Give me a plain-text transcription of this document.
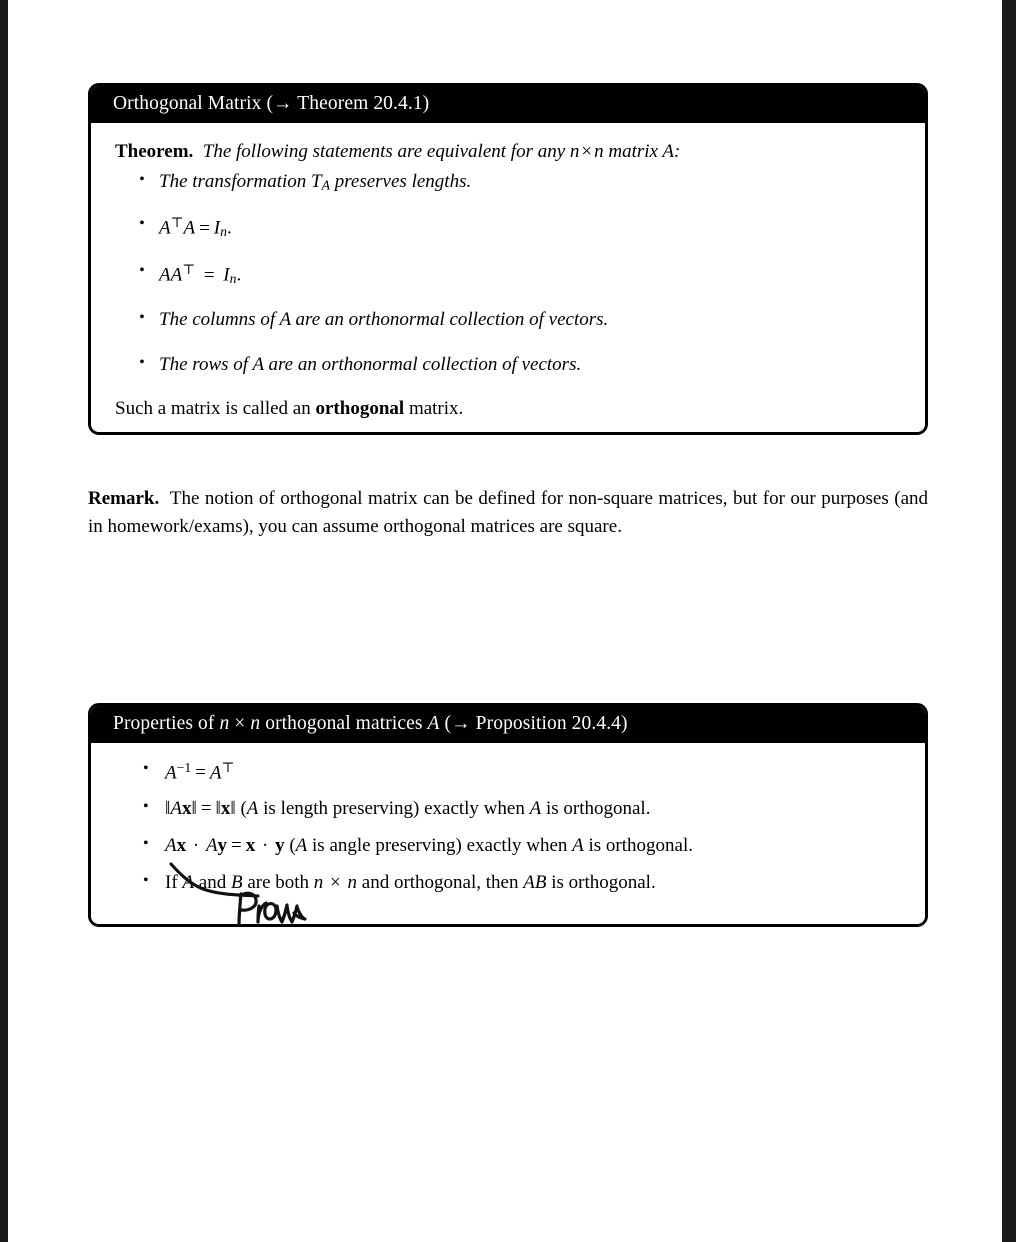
Orthogonal Matrix (→ Theorem 20.4.1)
Theorem.  The following statements are equivalent for any n × n matrix A:
• The transformation $T_A$ preserves lengths.
• $A^⊤A = I_n$.
• $AA^⊤ = I_n$.
• The columns of A are an orthonormal collection of vectors.
• The rows of A are an orthonormal collection of vectors.
Such a matrix is called an orthogonal matrix.
Remark.  The notion of orthogonal matrix can be defined for non-square matrices, but for our purposes (and in homework/exams), you can assume orthogonal matrices are square.
Properties of n × n orthogonal matrices A (→ Proposition 20.4.4)
• $A^{-1} = A^⊤$
• ‖Ax‖ = ‖x‖ (A is length preserving) exactly when A is orthogonal.
• Ax · Ay = x · y (A is angle preserving) exactly when A is orthogonal.
• If A and B are both n × n and orthogonal, then AB is orthogonal.
